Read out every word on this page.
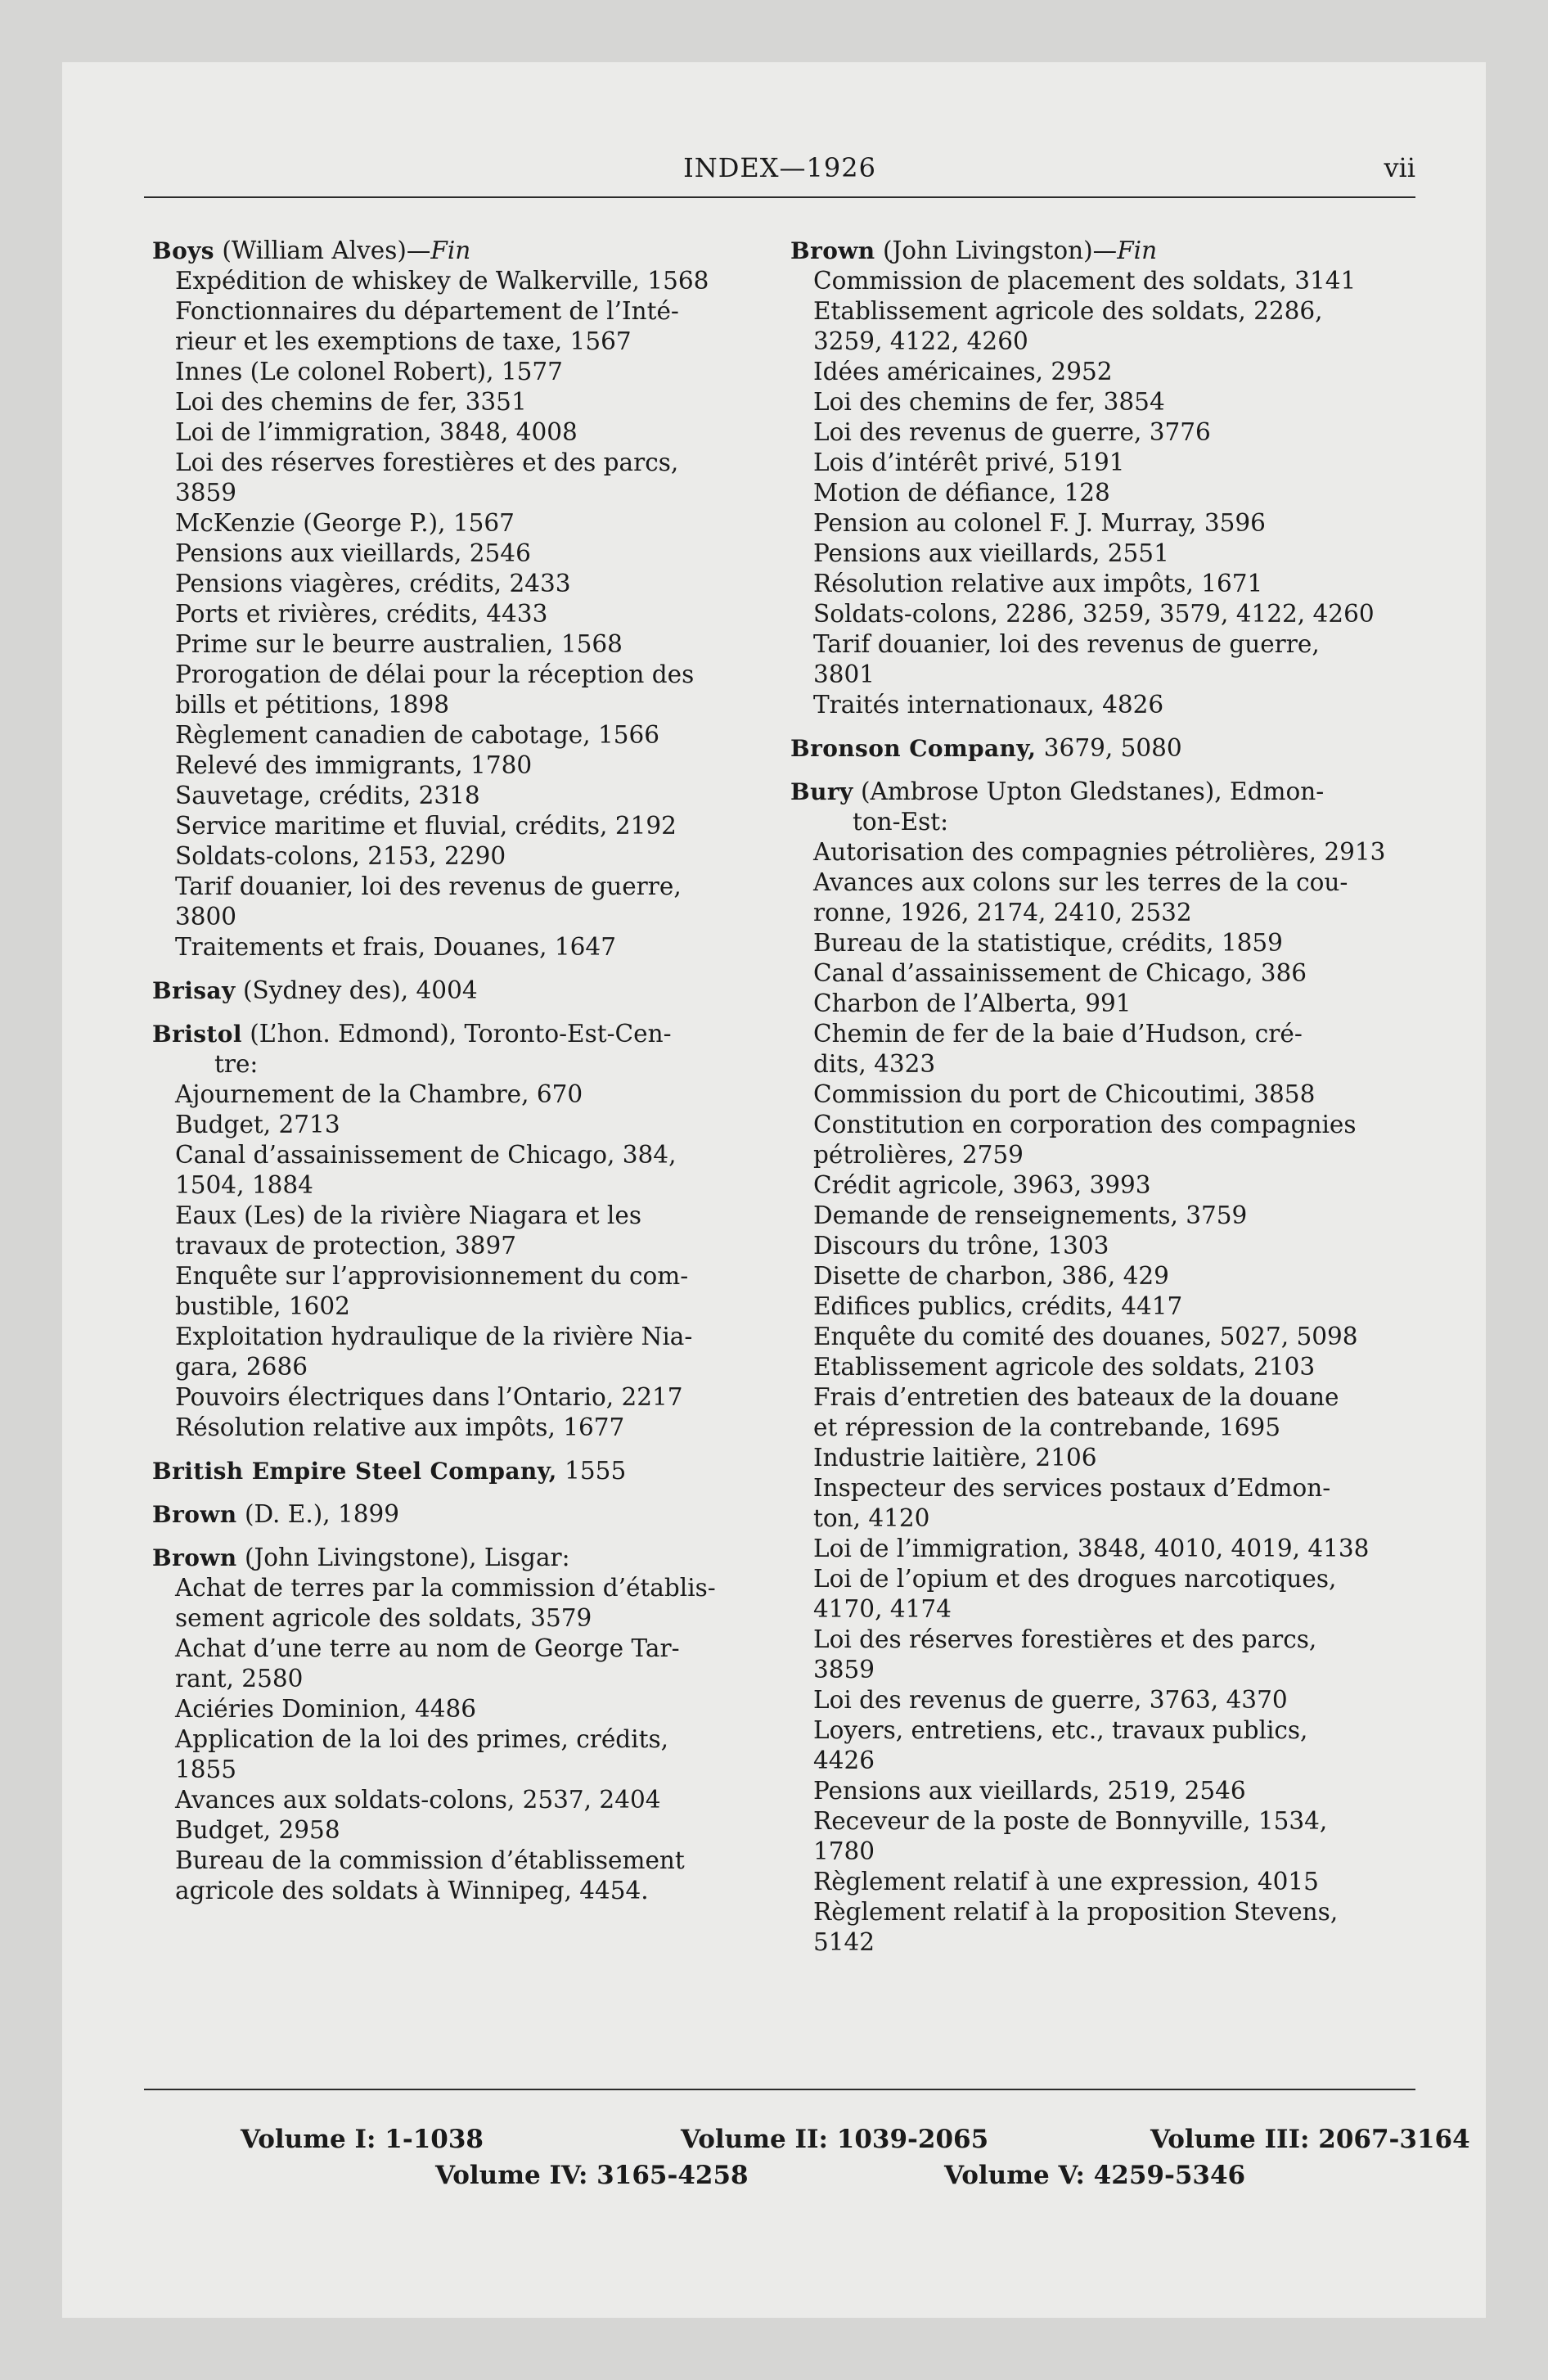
INDEX—1926	vii
Boys (William Alves)—Fin
Expédition de whiskey de Walkerville, 1568
Fonctionnaires du département de l’Inté-
rieur et les exemptions de taxe, 1567
Innes (Le colonel Robert), 1577
Loi des chemins de fer, 3351
Loi de l’immigration, 3848, 4008
Loi des réserves forestières et des parcs,
3859
McKenzie (George P.), 1567
Pensions aux vieillards, 2546
Pensions viagères, crédits, 2433
Ports et rivières, crédits, 4433
Prime sur le beurre australien, 1568
Prorogation de délai pour la réception des
bills et pétitions, 1898
Règlement canadien de cabotage, 1566
Relevé des immigrants, 1780
Sauvetage, crédits, 2318
Service maritime et fluvial, crédits, 2192
Soldats-colons, 2153, 2290
Tarif douanier, loi des revenus de guerre,
3800
Traitements et frais, Douanes, 1647
Brisay (Sydney des), 4004
Bristol (L’hon. Edmond), Toronto-Est-Cen-
tre:
Ajournement de la Chambre, 670
Budget, 2713
Canal d’assainissement de Chicago, 384,
1504, 1884
Eaux (Les) de la rivière Niagara et les
travaux de protection, 3897
Enquête sur l’approvisionnement du com-
bustible, 1602
Exploitation hydraulique de la rivière Nia-
gara, 2686
Pouvoirs électriques dans l’Ontario, 2217
Résolution relative aux impôts, 1677
British Empire Steel Company, 1555
Brown (D. E.), 1899
Brown (John Livingstone), Lisgar:
Achat de terres par la commission d’établis-
sement agricole des soldats, 3579
Achat d’une terre au nom de George Tar-
rant, 2580
Aciéries Dominion, 4486
Application de la loi des primes, crédits,
1855
Avances aux soldats-colons, 2537, 2404
Budget, 2958
Bureau de la commission d’établissement
agricole des soldats à Winnipeg, 4454.
Brown (John Livingston)—Fin
Commission de placement des soldats, 3141
Etablissement agricole des soldats, 2286,
3259, 4122, 4260
Idées américaines, 2952
Loi des chemins de fer, 3854
Loi des revenus de guerre, 3776
Lois d’intérêt privé, 5191
Motion de défiance, 128
Pension au colonel F. J. Murray, 3596
Pensions aux vieillards, 2551
Résolution relative aux impôts, 1671
Soldats-colons, 2286, 3259, 3579, 4122, 4260
Tarif douanier, loi des revenus de guerre,
3801
Traités internationaux, 4826
Bronson Company, 3679, 5080
Bury (Ambrose Upton Gledstanes), Edmon-
ton-Est:
Autorisation des compagnies pétrolières, 2913
Avances aux colons sur les terres de la cou-
ronne, 1926, 2174, 2410, 2532
Bureau de la statistique, crédits, 1859
Canal d’assainissement de Chicago, 386
Charbon de l’Alberta, 991
Chemin de fer de la baie d’Hudson, cré-
dits, 4323
Commission du port de Chicoutimi, 3858
Constitution en corporation des compagnies
pétrolières, 2759
Crédit agricole, 3963, 3993
Demande de renseignements, 3759
Discours du trône, 1303
Disette de charbon, 386, 429
Edifices publics, crédits, 4417
Enquête du comité des douanes, 5027, 5098
Etablissement agricole des soldats, 2103
Frais d’entretien des bateaux de la douane
et répression de la contrebande, 1695
Industrie laitière, 2106
Inspecteur des services postaux d’Edmon-
ton, 4120
Loi de l’immigration, 3848, 4010, 4019, 4138
Loi de l’opium et des drogues narcotiques,
4170, 4174
Loi des réserves forestières et des parcs,
3859
Loi des revenus de guerre, 3763, 4370
Loyers, entretiens, etc., travaux publics,
4426
Pensions aux vieillards, 2519, 2546
Receveur de la poste de Bonnyville, 1534,
1780
Règlement relatif à une expression, 4015
Règlement relatif à la proposition Stevens,
5142
Volume I: 1-1038	Volume II: 1039-2065	Volume III: 2067-3164
Volume IV: 3165-4258	Volume V: 4259-5346
